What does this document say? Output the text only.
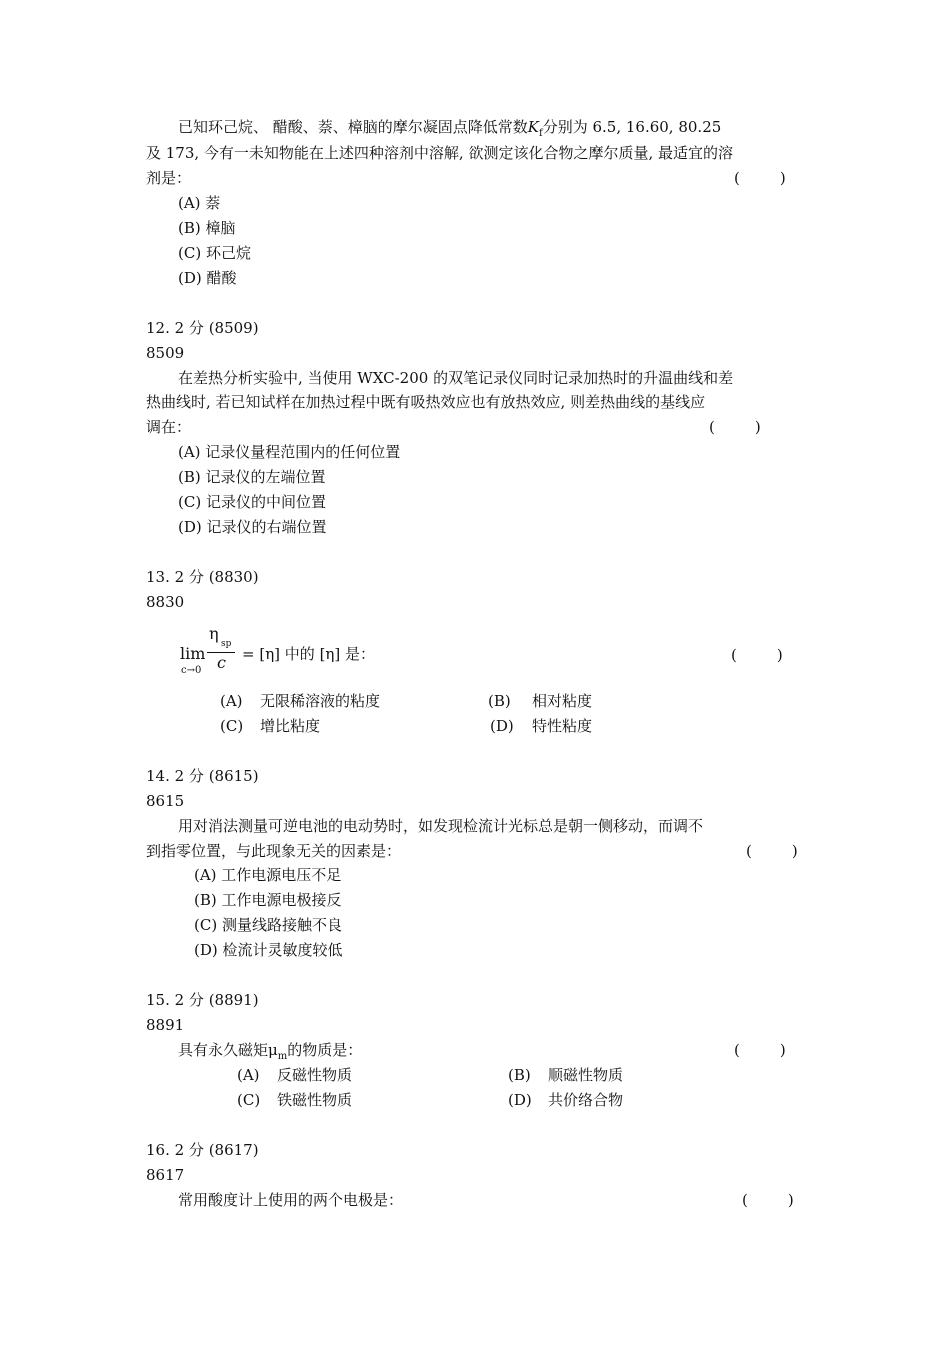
已知环己烷、 醋酸、萘、樟脑的摩尔凝固点降低常数$K_f$分别为 6.5, 16.60, 80.25
及 173, 今有一未知物能在上述四种溶剂中溶解, 欲测定该化合物之摩尔质量, 最适宜的溶
剂是：	(	)
(A) 萘
(B) 樟脑
(C) 环己烷
(D) 醋酸
12. 2 分 (8509)
8509
在差热分析实验中, 当使用 WXC-200 的双笔记录仪同时记录加热时的升温曲线和差
热曲线时, 若已知试样在加热过程中既有吸热效应也有放热效应, 则差热曲线的基线应
调在：	(	)
(A) 记录仪量程范围内的任何位置
(B) 记录仪的左端位置
(C) 记录仪的中间位置
(D) 记录仪的右端位置
13. 2 分 (8830)
8830
lim
c→0
η
sp
c = [η] 中的 [η] 是：	(	)
(A) 无限稀溶液的粘度	(B) 相对粘度
(C) 增比粘度	(D) 特性粘度
14. 2 分 (8615)
8615
用对消法测量可逆电池的电动势时，如发现检流计光标总是朝一侧移动，而调不
到指零位置，与此现象无关的因素是：	(	)
(A) 工作电源电压不足
(B) 工作电源电极接反
(C) 测量线路接触不良
(D) 检流计灵敏度较低
15. 2 分 (8891)
8891
具有永久磁矩$\mu_m$的物质是：	(	)
(A) 反磁性物质	(B) 顺磁性物质
(C) 铁磁性物质	(D) 共价络合物
16. 2 分 (8617)
8617
常用酸度计上使用的两个电极是：	(	)
